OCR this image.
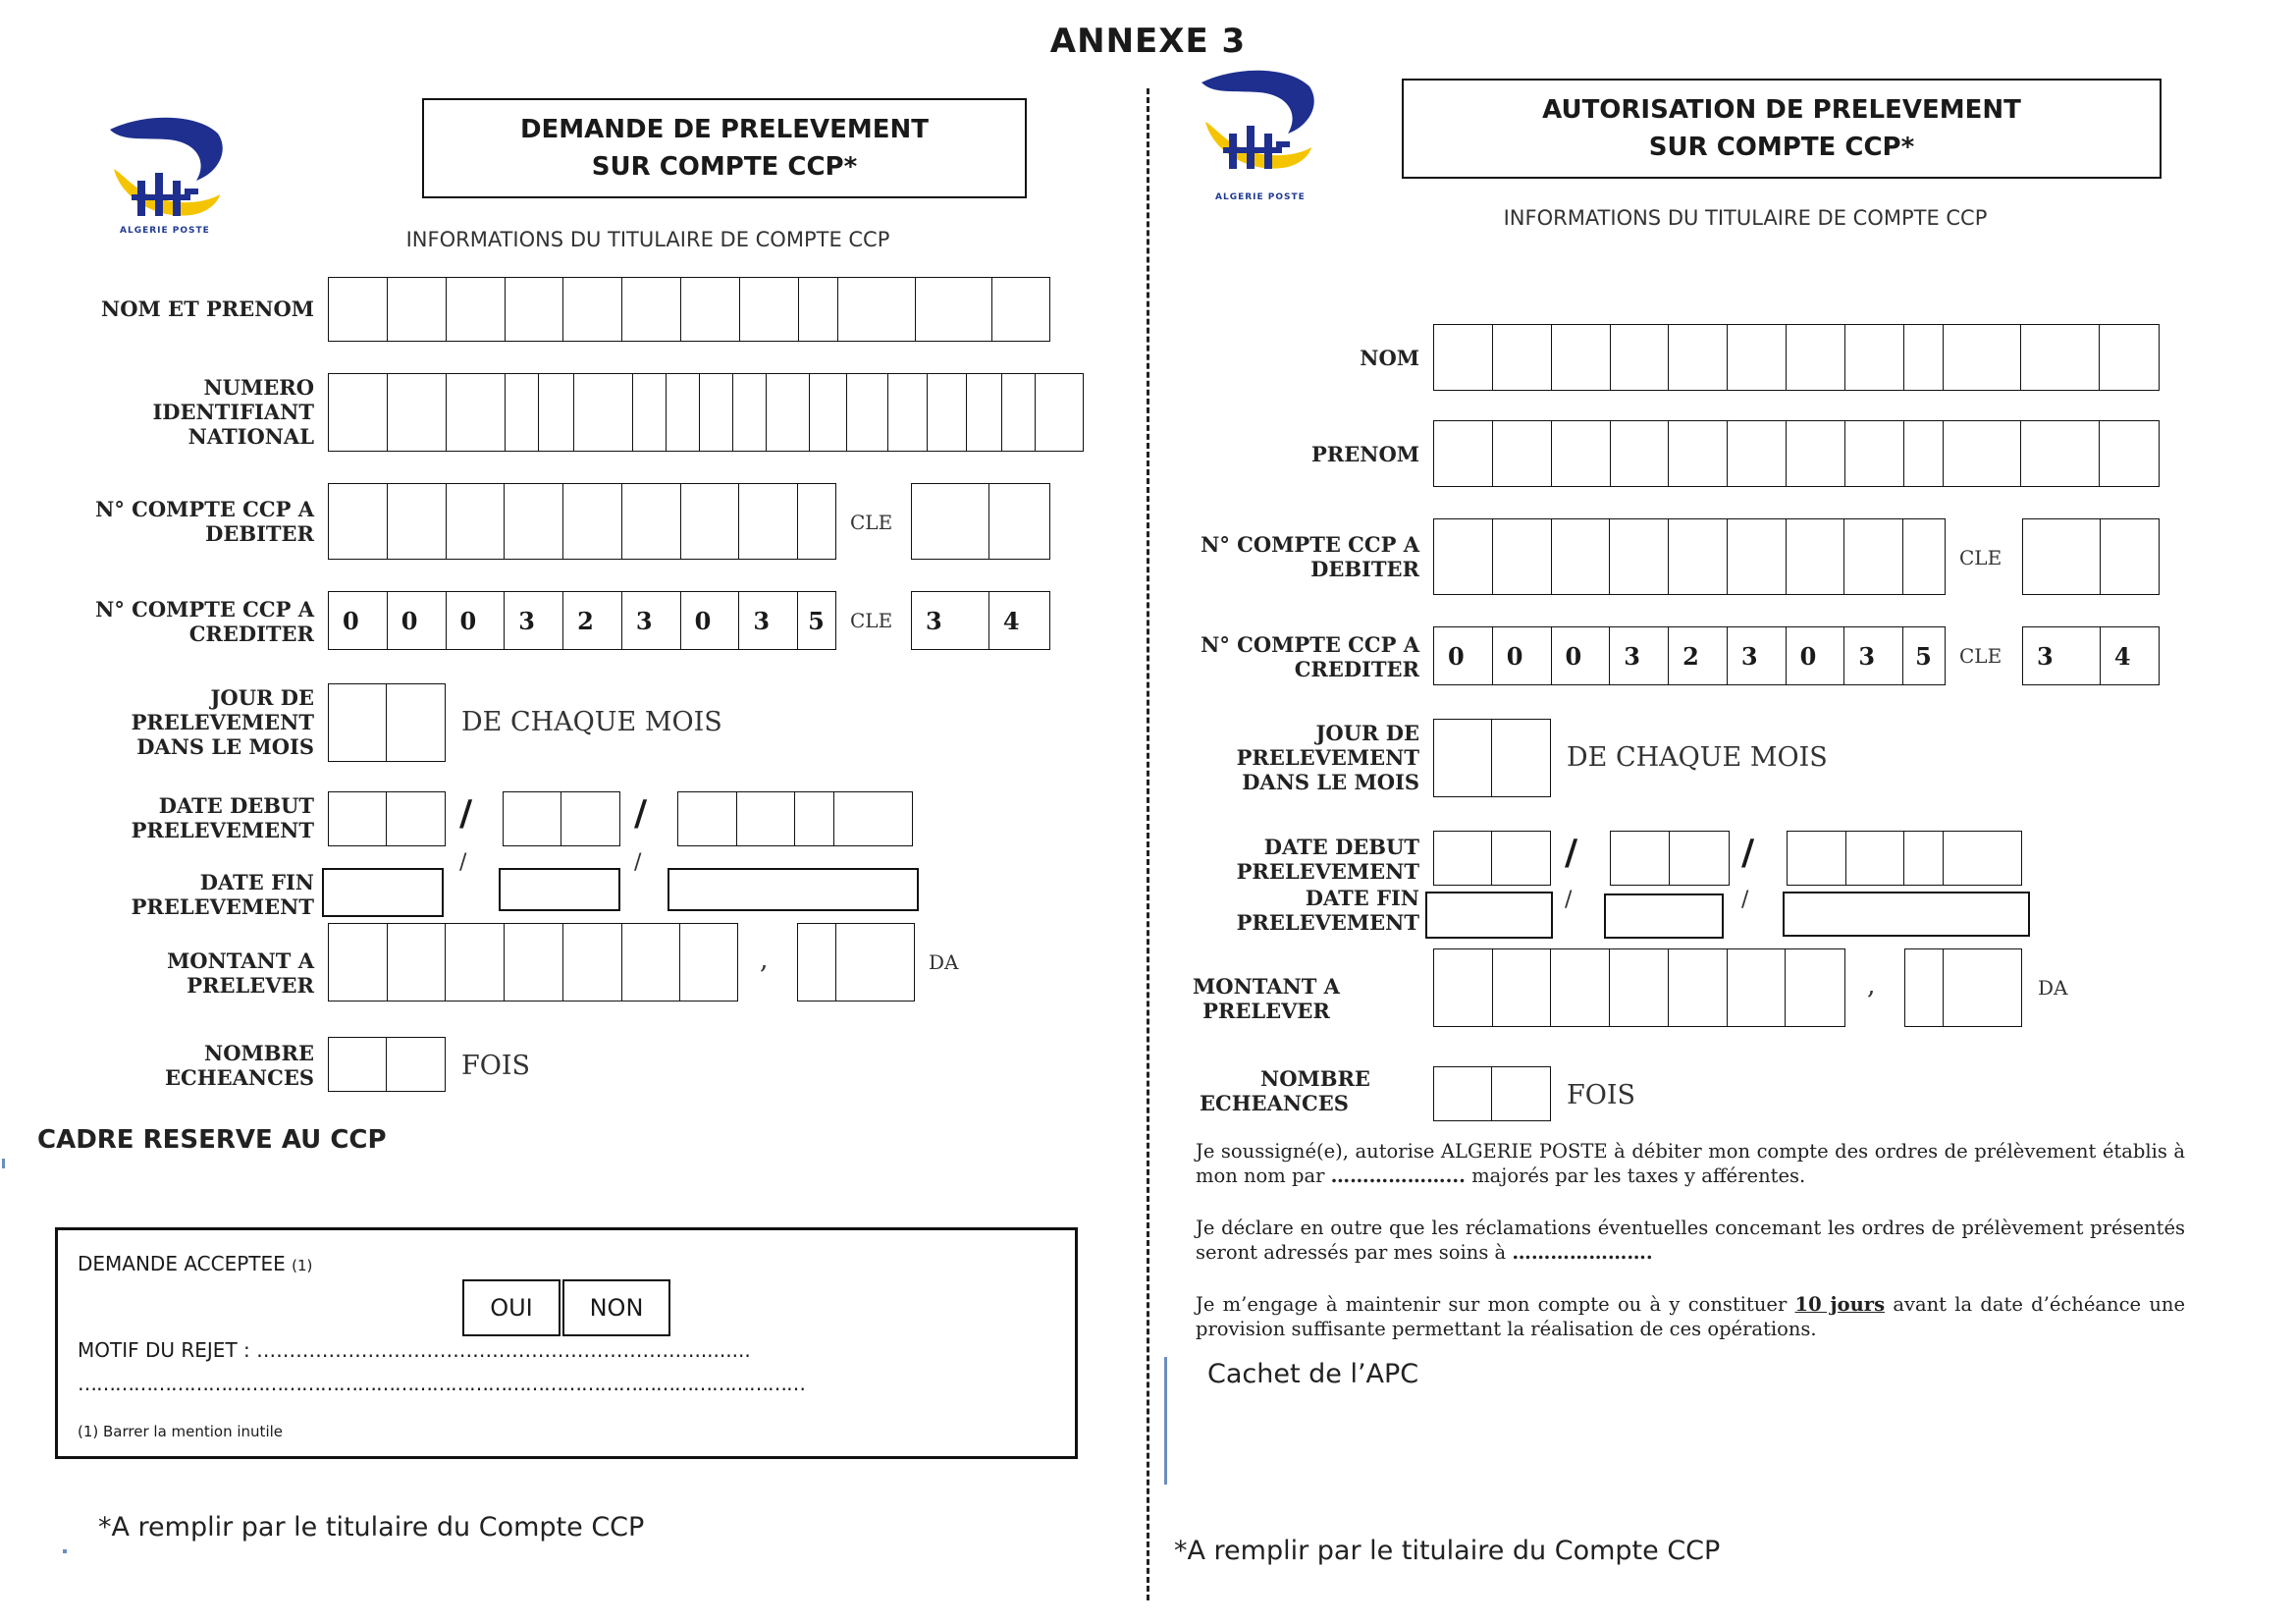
ANNEXE 3
ALGERIE POSTE
DEMANDE DE PRELEVEMENT
SUR COMPTE CCP*
INFORMATIONS DU TITULAIRE DE COMPTE CCP
NOM ET PRENOM
NUMERO
IDENTIFIANT
NATIONAL
N° COMPTE CCP A
DEBITER	CLE
N° COMPTE CCP A
CREDITER	0	0	0	3	2	3	0	3	5	CLE	3	4
JOUR DE
PRELEVEMENT
DANS LE MOIS
DE CHAQUE MOIS
DATE DEBUT
PRELEVEMENT	/	/
DATE FIN
PRELEVEMENT
/	/
MONTANT A
PRELEVER
,	DA
NOMBRE
ECHEANCES	FOIS
CADRE RESERVE AU CCP
DEMANDE ACCEPTEE (1)
OUI	NON
MOTIF DU REJET : ……………………………………………………….….........
………………………………………………………………………………………………………
(1) Barrer la mention inutile
*A remplir par le titulaire du Compte CCP
ALGERIE POSTE
AUTORISATION DE PRELEVEMENT
SUR COMPTE CCP*
INFORMATIONS DU TITULAIRE DE COMPTE CCP
NOM
PRENOM
N° COMPTE CCP A
DEBITER	CLE
N° COMPTE CCP A
CREDITER	0	0	0	3	2	3	0	3	5	CLE	3	4
JOUR DE
PRELEVEMENT
DANS LE MOIS
DE CHAQUE MOIS
DATE DEBUT
PRELEVEMENT	/	/
DATE FIN
PRELEVEMENT
/	/
MONTANT A
PRELEVER
,	DA
NOMBRE
ECHEANCES	FOIS
Je soussigné(e), autorise ALGERIE POSTE à débiter mon compte des ordres de prélèvement établis à mon nom par ………………... majorés par les taxes y afférentes.
Je déclare en outre que les réclamations éventuelles concemant les ordres de prélèvement présentés seront adressés par mes soins à ………………….
Je m’engage à maintenir sur mon compte ou à y constituer 10 jours avant la date d’échéance une provision suffisante permettant la réalisation de ces opérations.
Cachet de l’APC
*A remplir par le titulaire du Compte CCP
